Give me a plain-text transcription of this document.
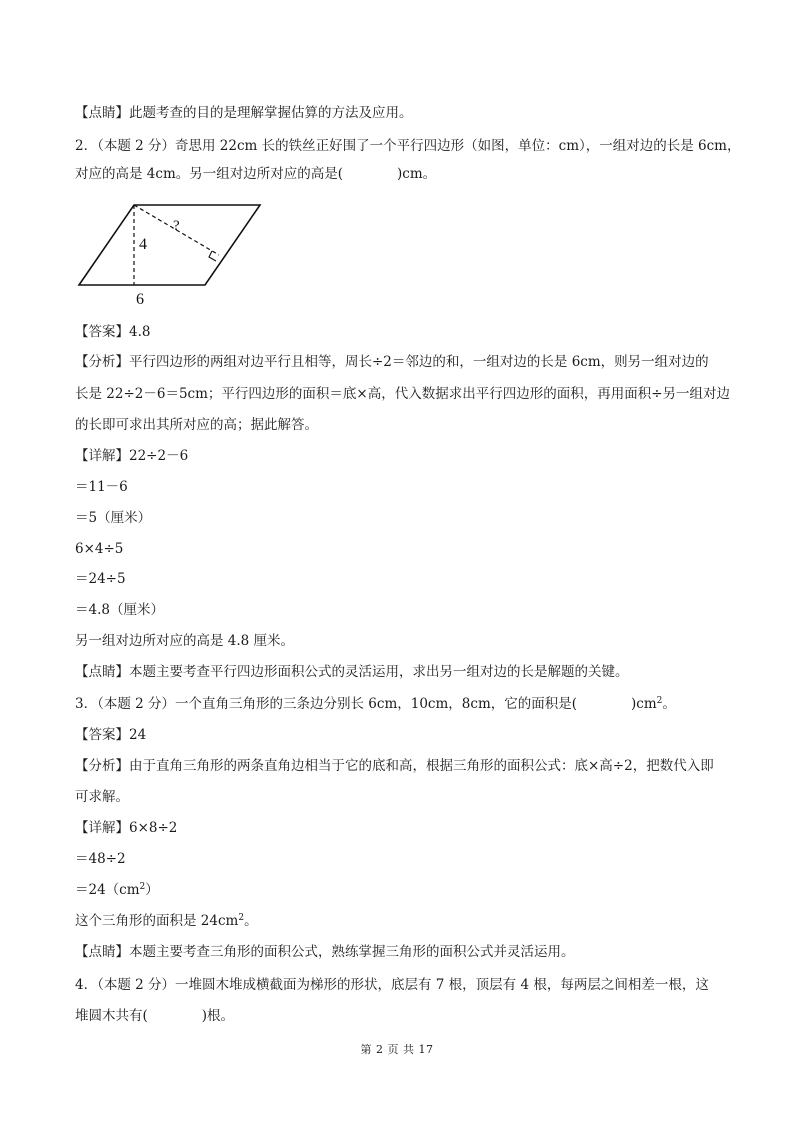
【点睛】此题考查的目的是理解掌握估算的方法及应用。
2．（本题 2 分）奇思用 22cm 长的铁丝正好围了一个平行四边形（如图，单位：cm），一组对边的长是 6cm，
对应的高是 4cm。另一组对边所对应的高是(　　　　)cm。
4
?
6
【答案】4.8
【分析】平行四边形的两组对边平行且相等，周长÷2＝邻边的和，一组对边的长是 6cm，则另一组对边的
长是 22÷2－6＝5cm；平行四边形的面积＝底×高，代入数据求出平行四边形的面积，再用面积÷另一组对边
的长即可求出其所对应的高；据此解答。
【详解】22÷2－6
＝11－6
＝5（厘米）
6×4÷5
＝24÷5
＝4.8（厘米）
另一组对边所对应的高是 4.8 厘米。
【点睛】本题主要考查平行四边形面积公式的灵活运用，求出另一组对边的长是解题的关键。
3．（本题 2 分）一个直角三角形的三条边分别长 6cm，10cm，8cm，它的面积是(　　　　)$cm^2$。
【答案】24
【分析】由于直角三角形的两条直角边相当于它的底和高，根据三角形的面积公式：底×高÷2，把数代入即
可求解。
【详解】6×8÷2
＝48÷2
$=24(cm^2)$
这个三角形的面积是 $24cm^2$。
【点睛】本题主要考查三角形的面积公式，熟练掌握三角形的面积公式并灵活运用。
4．（本题 2 分）一堆圆木堆成横截面为梯形的形状，底层有 7 根，顶层有 4 根，每两层之间相差一根，这
堆圆木共有(　　　　)根。
第 2 页 共 17
